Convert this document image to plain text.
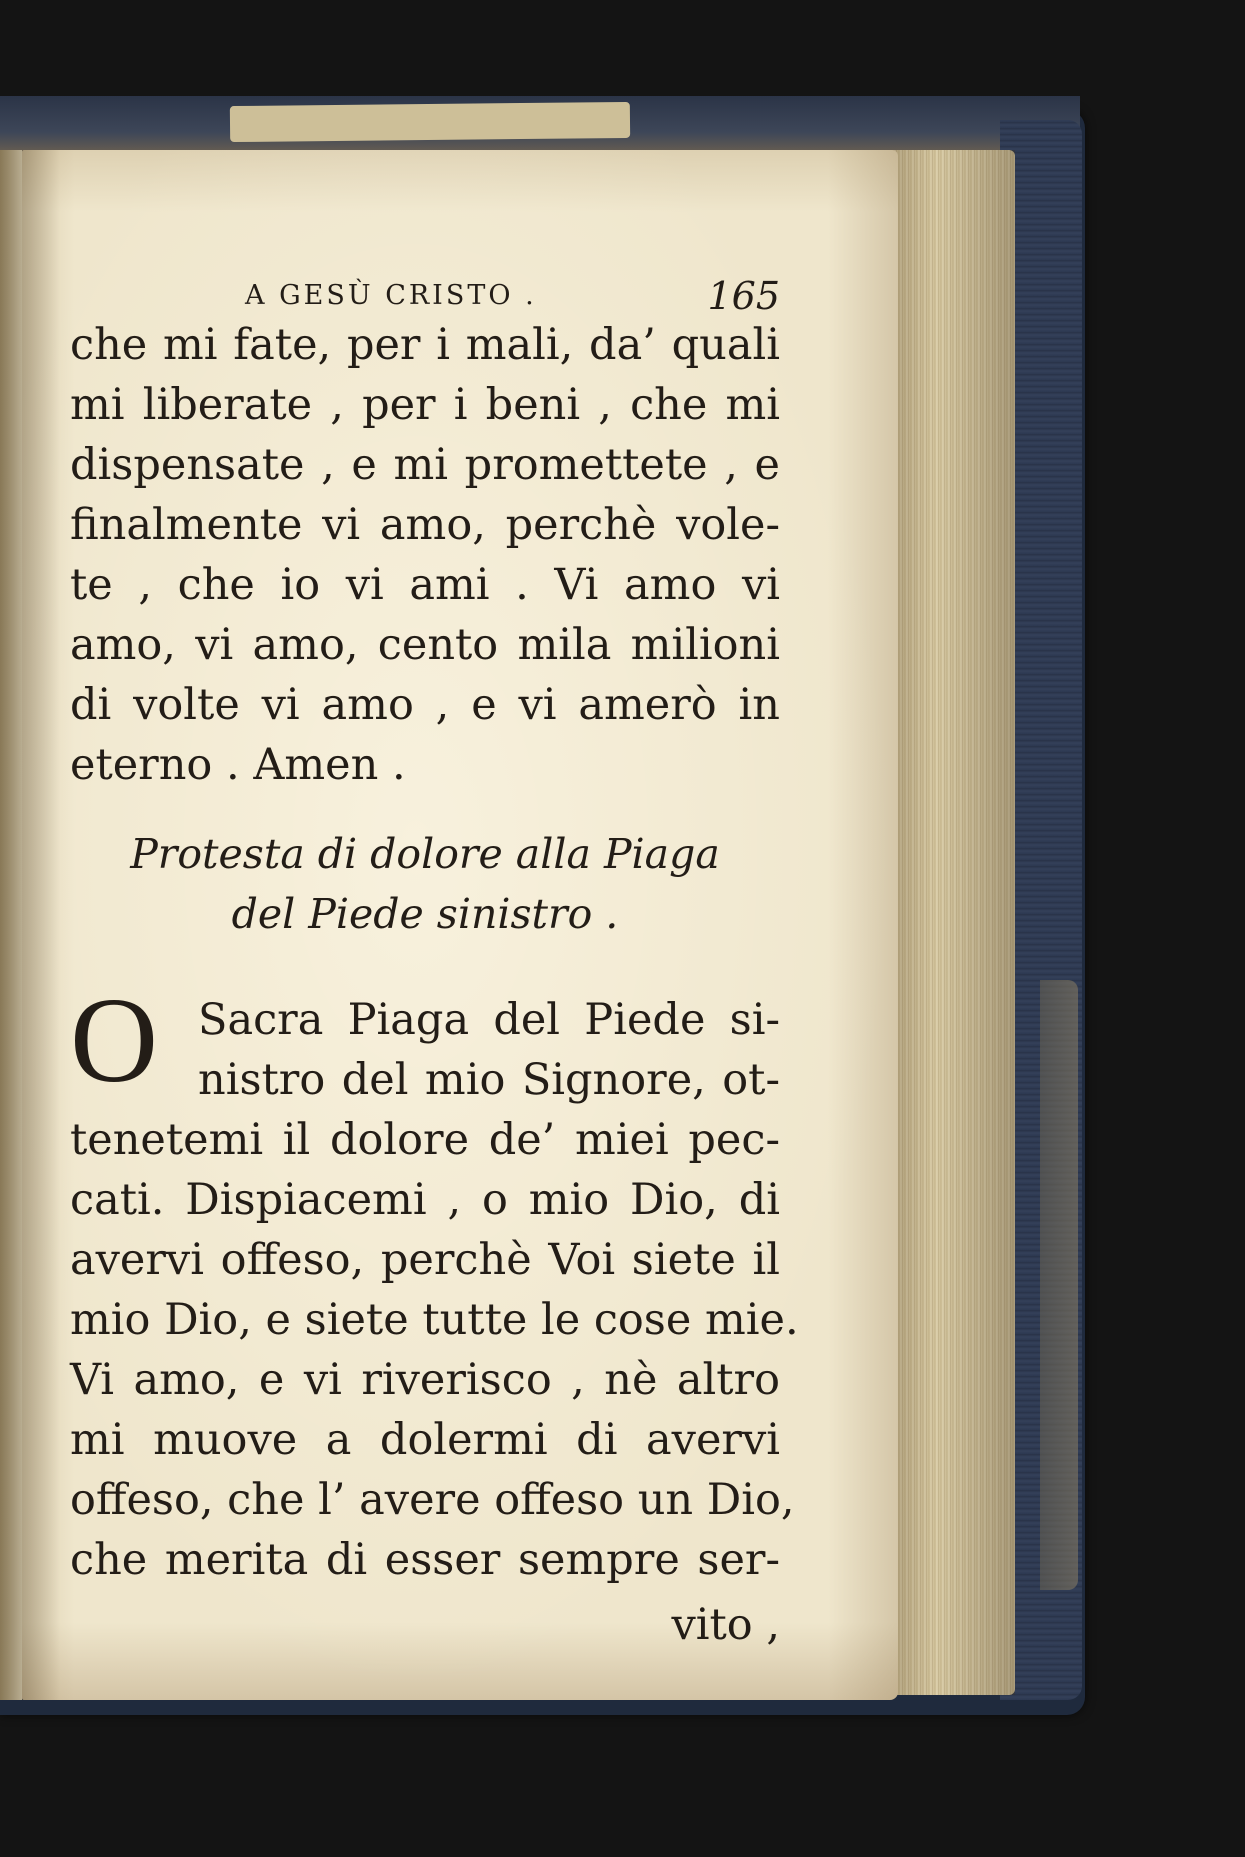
A GESÙ CRISTO .	165
che mi fate, per i mali, da’ quali
mi liberate , per i beni , che mi
dispensate , e mi promettete , e
finalmente vi amo, perchè vole-
te , che io vi ami . Vi amo vi
amo, vi amo, cento mila milioni
di volte vi amo , e vi amerò in
eterno . Amen .
Protesta di dolore alla Piaga
del Piede sinistro .
O Sacra Piaga del Piede si-
nistro del mio Signore, ot-
tenetemi il dolore de’ miei pec-
cati. Dispiacemi , o mio Dio, di
avervi offeso, perchè Voi siete il
mio Dio, e siete tutte le cose mie.
Vi amo, e vi riverisco , nè altro
mi muove a dolermi di avervi
offeso, che l’ avere offeso un Dio,
che merita di esser sempre ser-
vito ,
